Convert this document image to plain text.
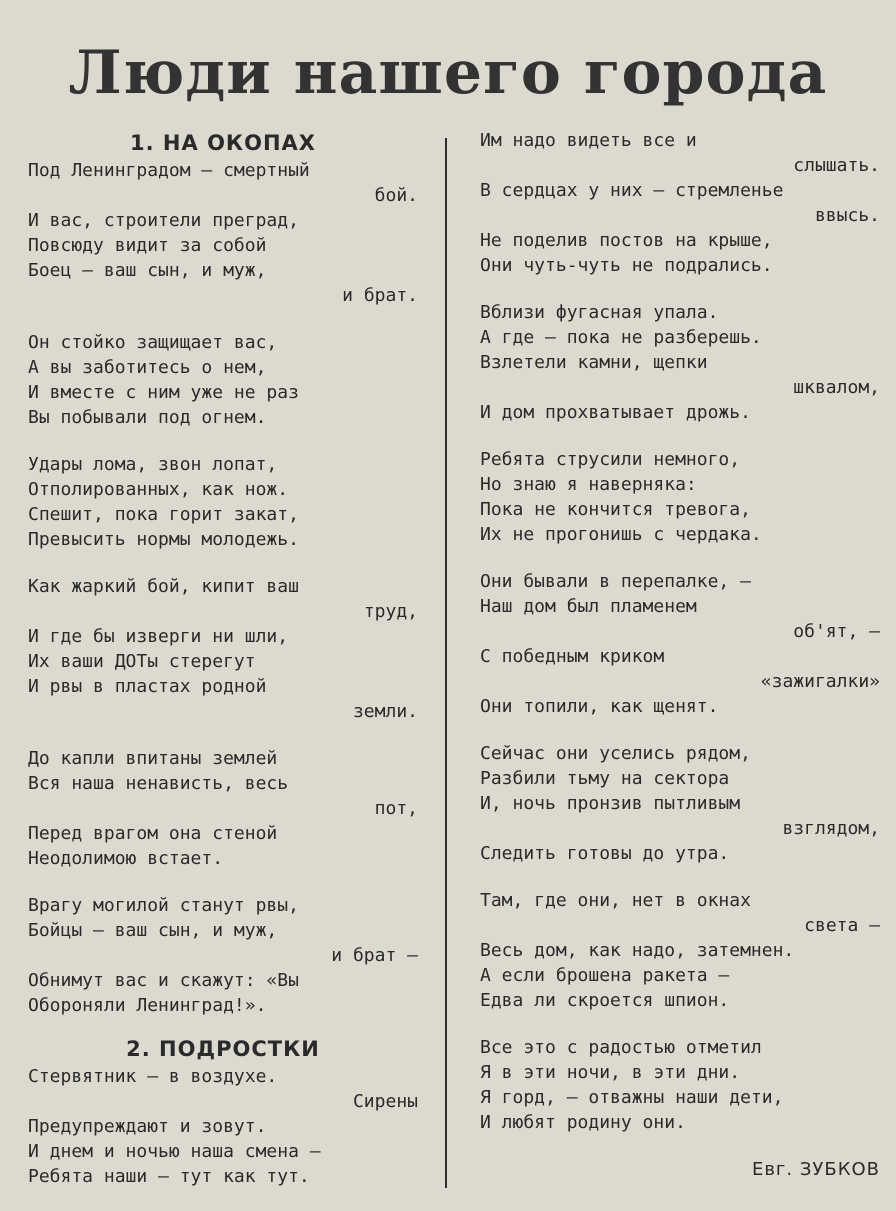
Люди нашего города
1. НА ОКОПАХ
Под Ленинградом — смертный
бой.
И вас, строители преград,
Повсюду видит за собой
Боец — ваш сын, и муж,
и брат.
Он стойко защищает вас,
А вы заботитесь о нем,
И вместе с ним уже не раз
Вы побывали под огнем.
Удары лома, звон лопат,
Отполированных, как нож.
Спешит, пока горит закат,
Превысить нормы молодежь.
Как жаркий бой, кипит ваш
труд,
И где бы изверги ни шли,
Их ваши ДОТы стерегут
И рвы в пластах родной
земли.
До капли впитаны землей
Вся наша ненависть, весь
пот,
Перед врагом она стеной
Неодолимою встает.
Врагу могилой станут рвы,
Бойцы — ваш сын, и муж,
и брат —
Обнимут вас и скажут: «Вы
Обороняли Ленинград!».
2. ПОДРОСТКИ
Стервятник — в воздухе.
Сирены
Предупреждают и зовут.
И днем и ночью наша смена —
Ребята наши — тут как тут.
Им надо видеть все и
слышать.
В сердцах у них — стремленье
ввысь.
Не поделив постов на крыше,
Они чуть-чуть не подрались.
Вблизи фугасная упала.
А где — пока не разберешь.
Взлетели камни, щепки
шквалом,
И дом прохватывает дрожь.
Ребята струсили немного,
Но знаю я наверняка:
Пока не кончится тревога,
Их не прогонишь с чердака.
Они бывали в перепалке, —
Наш дом был пламенем
об'ят, —
С победным криком
«зажигалки»
Они топили, как щенят.
Сейчас они уселись рядом,
Разбили тьму на сектора
И, ночь пронзив пытливым
взглядом,
Следить готовы до утра.
Там, где они, нет в окнах
света —
Весь дом, как надо, затемнен.
А если брошена ракета —
Едва ли скроется шпион.
Все это с радостью отметил
Я в эти ночи, в эти дни.
Я горд, — отважны наши дети,
И любят родину они.
Евг. ЗУБКОВ
